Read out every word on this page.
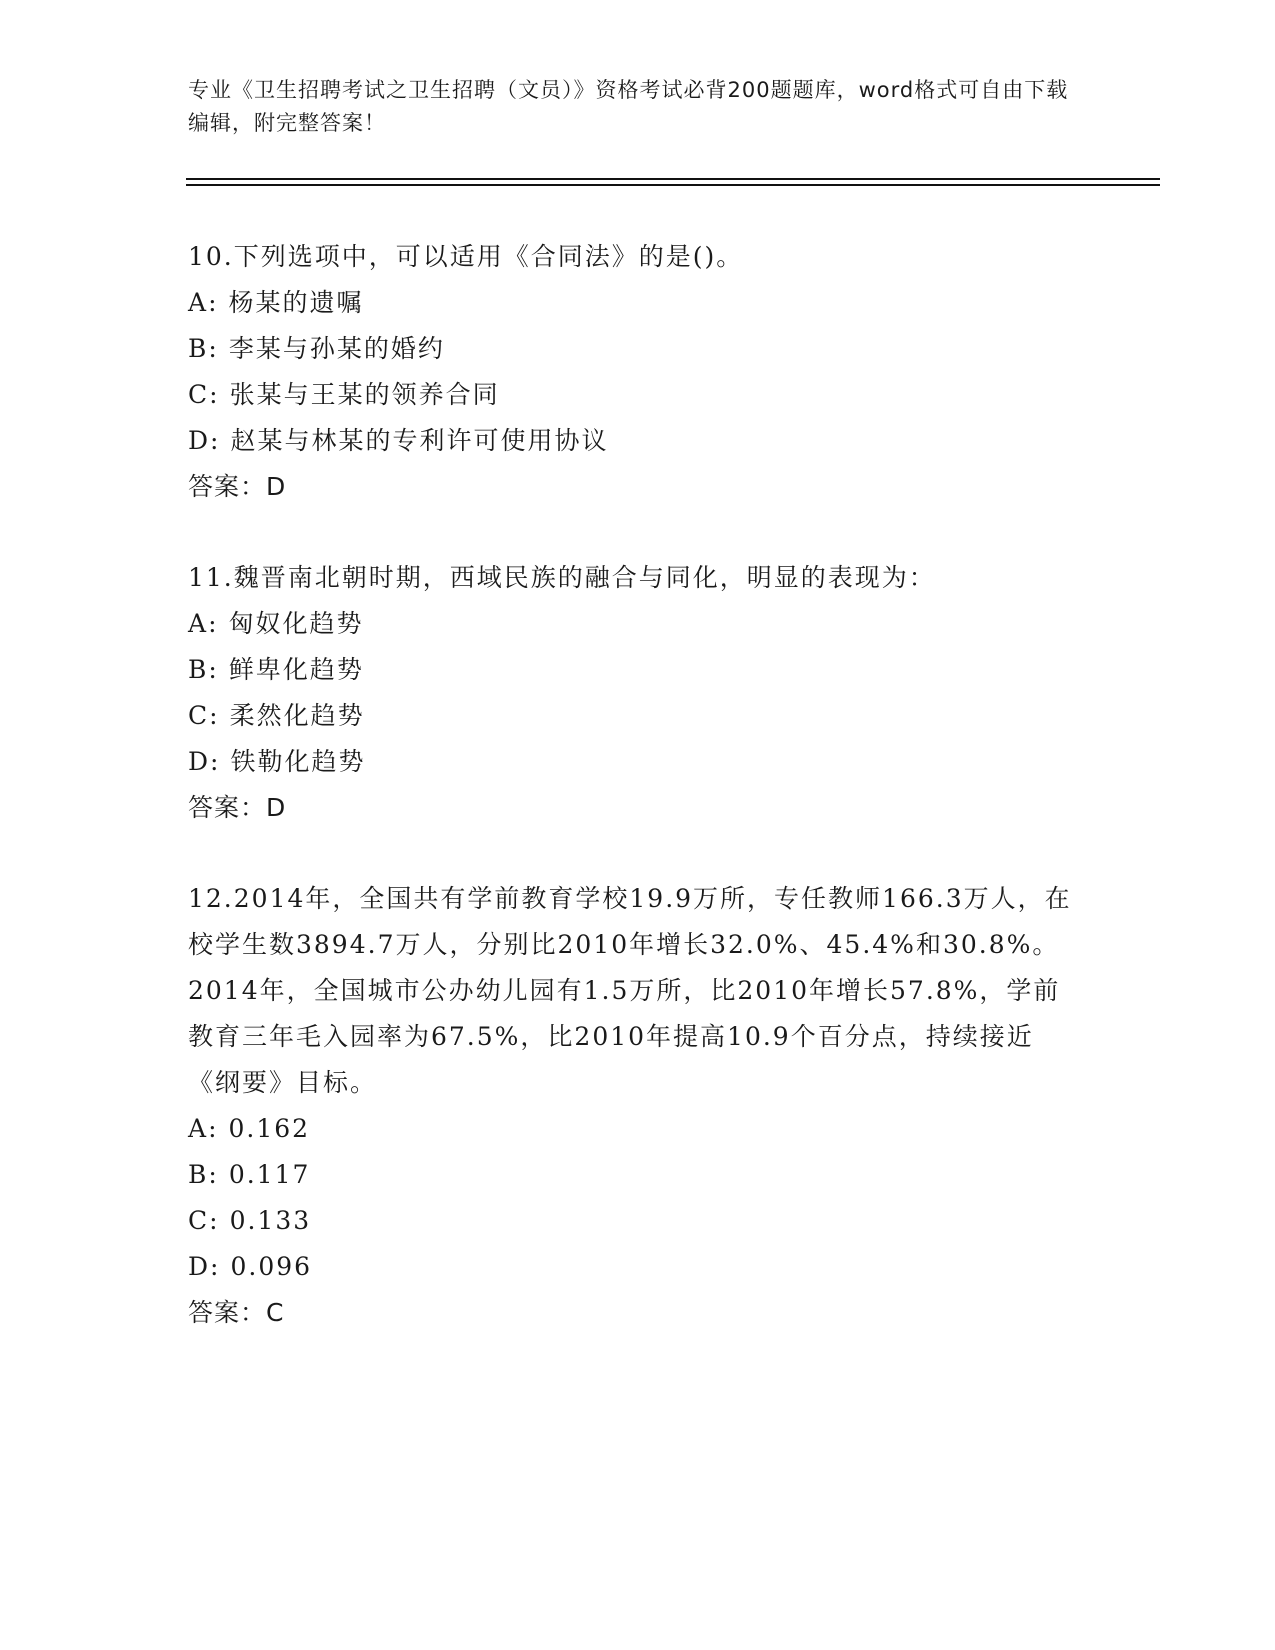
专业《卫生招聘考试之卫生招聘（文员）》资格考试必背200题题库，word格式可自由下载编辑，附完整答案！

10.下列选项中，可以适用《合同法》的是()。

A: 杨某的遗嘱
B: 李某与孙某的婚约
C: 张某与王某的领养合同
D: 赵某与林某的专利许可使用协议
答案：D

11.魏晋南北朝时期，西域民族的融合与同化，明显的表现为：

A: 匈奴化趋势
B: 鲜卑化趋势
C: 柔然化趋势
D: 铁勒化趋势
答案：D

12.2014年，全国共有学前教育学校19.9万所，专任教师166.3万人，在校学生数3894.7万人，分别比2010年增长32.0%、45.4%和30.8%。2014年，全国城市公办幼儿园有1.5万所，比2010年增长57.8%，学前教育三年毛入园率为67.5%，比2010年提高10.9个百分点，持续接近《纲要》目标。

A: 0.162
B: 0.117
C: 0.133
D: 0.096
答案：C
